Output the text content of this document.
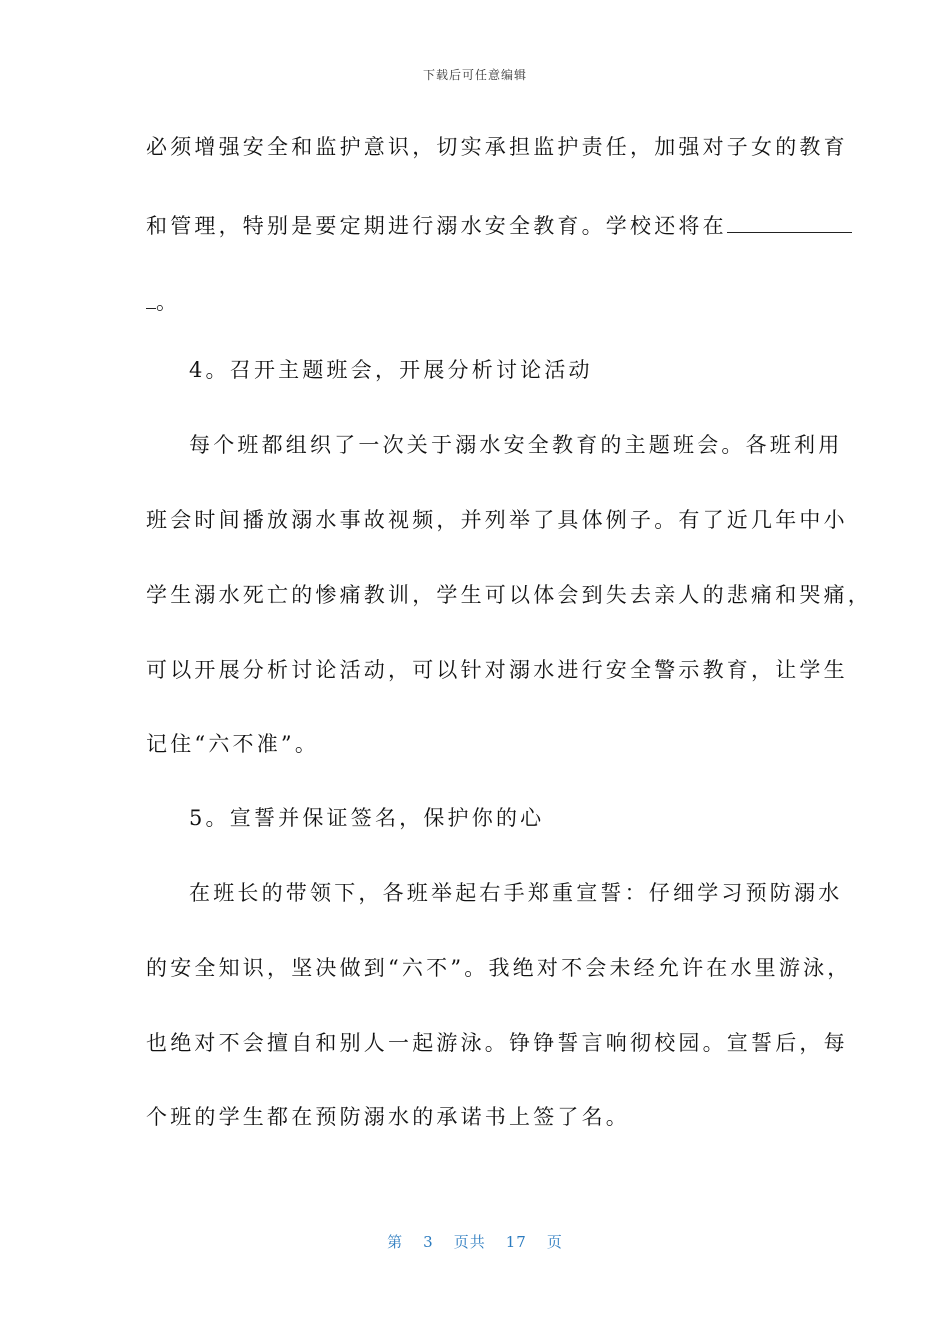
下载后可任意编辑
必须增强安全和监护意识，切实承担监护责任，加强对子女的教育
和管理，特别是要定期进行溺水安全教育。学校还将在
。
4。召开主题班会，开展分析讨论活动
每个班都组织了一次关于溺水安全教育的主题班会。各班利用
班会时间播放溺水事故视频，并列举了具体例子。有了近几年中小
学生溺水死亡的惨痛教训，学生可以体会到失去亲人的悲痛和哭痛，
可以开展分析讨论活动，可以针对溺水进行安全警示教育，让学生
记住“六不准”。
5。宣誓并保证签名，保护你的心
在班长的带领下，各班举起右手郑重宣誓：仔细学习预防溺水
的安全知识，坚决做到“六不”。我绝对不会未经允许在水里游泳，
也绝对不会擅自和别人一起游泳。铮铮誓言响彻校园。宣誓后，每
个班的学生都在预防溺水的承诺书上签了名。
第 3 页共 17 页
